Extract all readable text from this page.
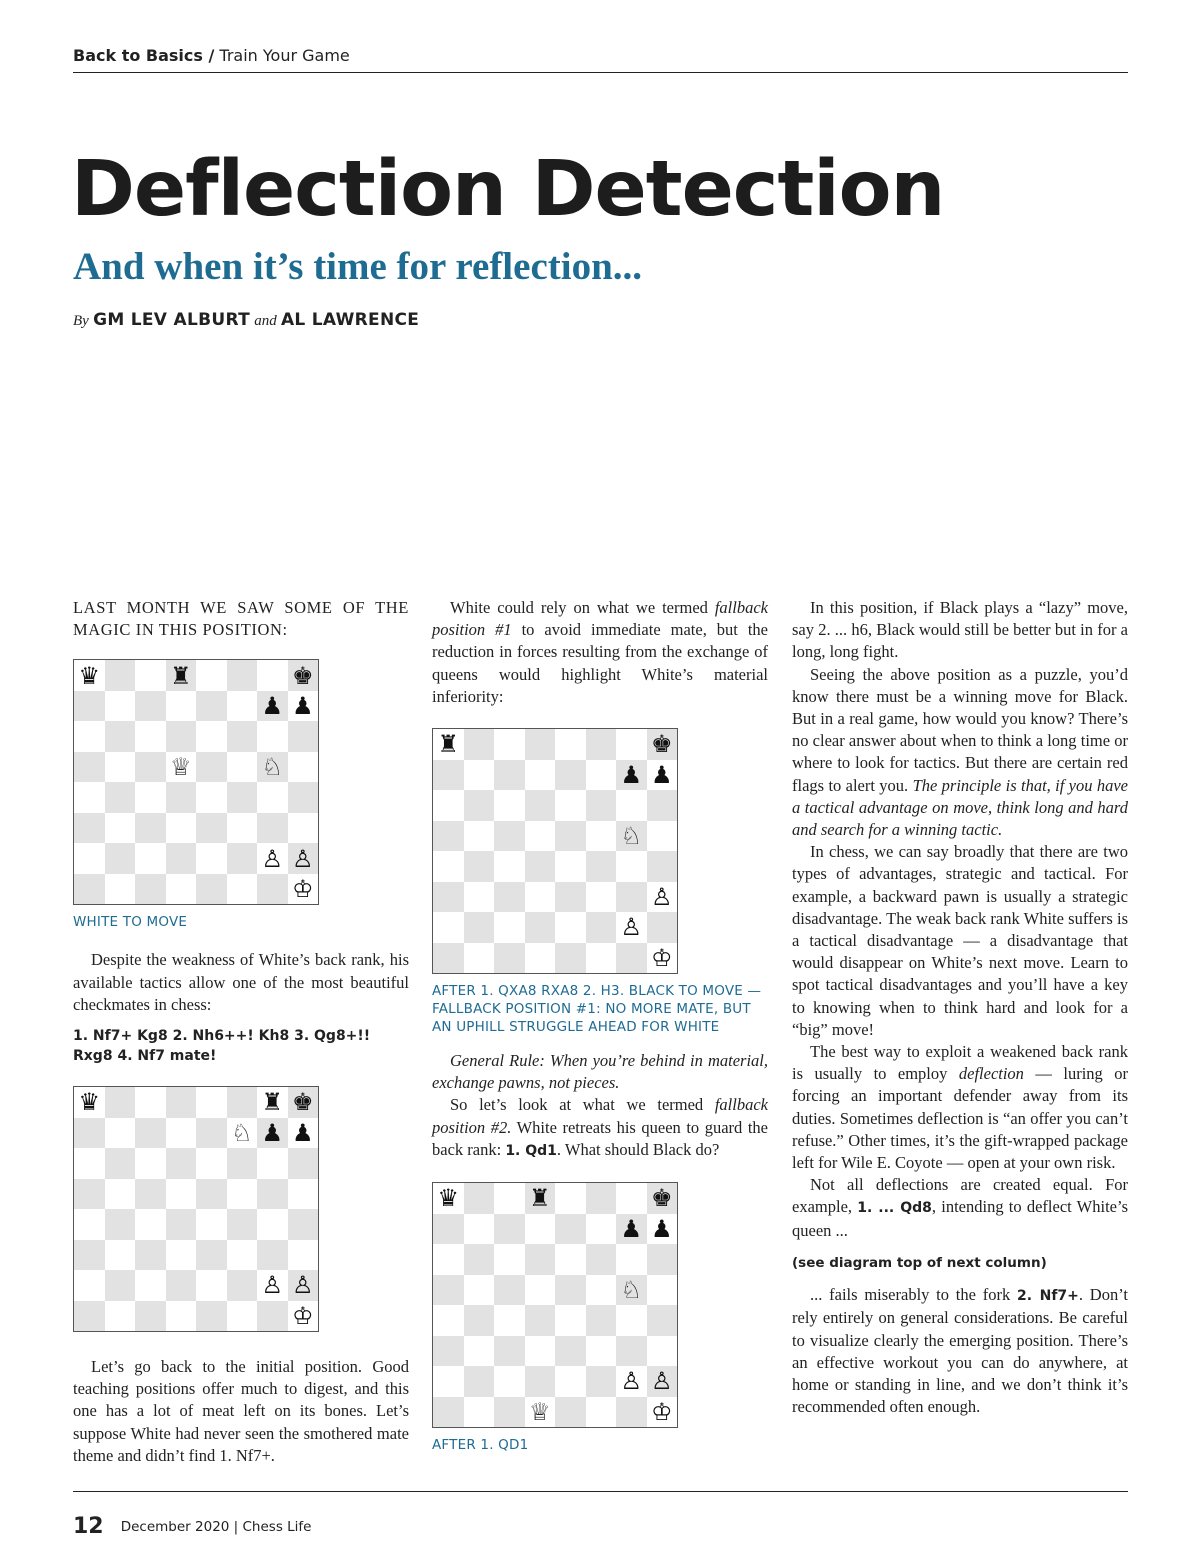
Back to Basics / Train Your Game
Deflection Detection
And when it’s time for reflection...
By GM LEV ALBURT and AL LAWRENCE

LAST MONTH WE SAW SOME OF THE MAGIC IN THIS POSITION:

♛	♜	♚
♟ ♟
♕	♘
♙ ♙
♔
WHITE TO MOVE

Despite the weakness of White’s back rank, his available tactics allow one of the most beautiful checkmates in chess:

1. Nf7+ Kg8 2. Nh6++! Kh8 3. Qg8+!! Rxg8 4. Nf7 mate!

♛	♜ ♚
♘ ♟ ♟
♙ ♙
♔

Let’s go back to the initial position. Good teaching positions offer much to digest, and this one has a lot of meat left on its bones. Let’s suppose White had never seen the smothered mate theme and didn’t find 1. Nf7+.

White could rely on what we termed fallback position #1 to avoid immediate mate, but the reduction in forces resulting from the exchange of queens would highlight White’s material inferiority:

♜	♚
♟ ♟
♘
♙
♙
♔
AFTER 1. QXA8 RXA8 2. H3. BLACK TO MOVE — FALLBACK POSITION #1: NO MORE MATE, BUT AN UPHILL STRUGGLE AHEAD FOR WHITE

General Rule: When you’re behind in material, exchange pawns, not pieces.

So let’s look at what we termed fallback position #2. White retreats his queen to guard the back rank: 1. Qd1. What should Black do?

♛	♜	♚
♟ ♟
♘
♙ ♙
♕	♔
AFTER 1. QD1

In this position, if Black plays a “lazy” move, say 2. ... h6, Black would still be better but in for a long, long fight.

Seeing the above position as a puzzle, you’d know there must be a winning move for Black. But in a real game, how would you know? There’s no clear answer about when to think a long time or where to look for tactics. But there are certain red flags to alert you. The principle is that, if you have a tactical advantage on move, think long and hard and search for a winning tactic.

In chess, we can say broadly that there are two types of advantages, strategic and tactical. For example, a backward pawn is usually a strategic disadvantage. The weak back rank White suffers is a tactical disadvantage — a disadvantage that would disappear on White’s next move. Learn to spot tactical disadvantages and you’ll have a key to knowing when to think hard and look for a “big” move!

The best way to exploit a weakened back rank is usually to employ deflection — luring or forcing an important defender away from its duties. Sometimes deflection is “an offer you can’t refuse.” Other times, it’s the gift-wrapped package left for Wile E. Coyote — open at your own risk.

Not all deflections are created equal. For example, 1. ... Qd8, intending to deflect White’s queen ...

(see diagram top of next column)

... fails miserably to the fork 2. Nf7+. Don’t rely entirely on general considerations. Be careful to visualize clearly the emerging position. There’s an effective workout you can do anywhere, at home or standing in line, and we don’t think it’s recommended often enough.

12 December 2020 | Chess Life
